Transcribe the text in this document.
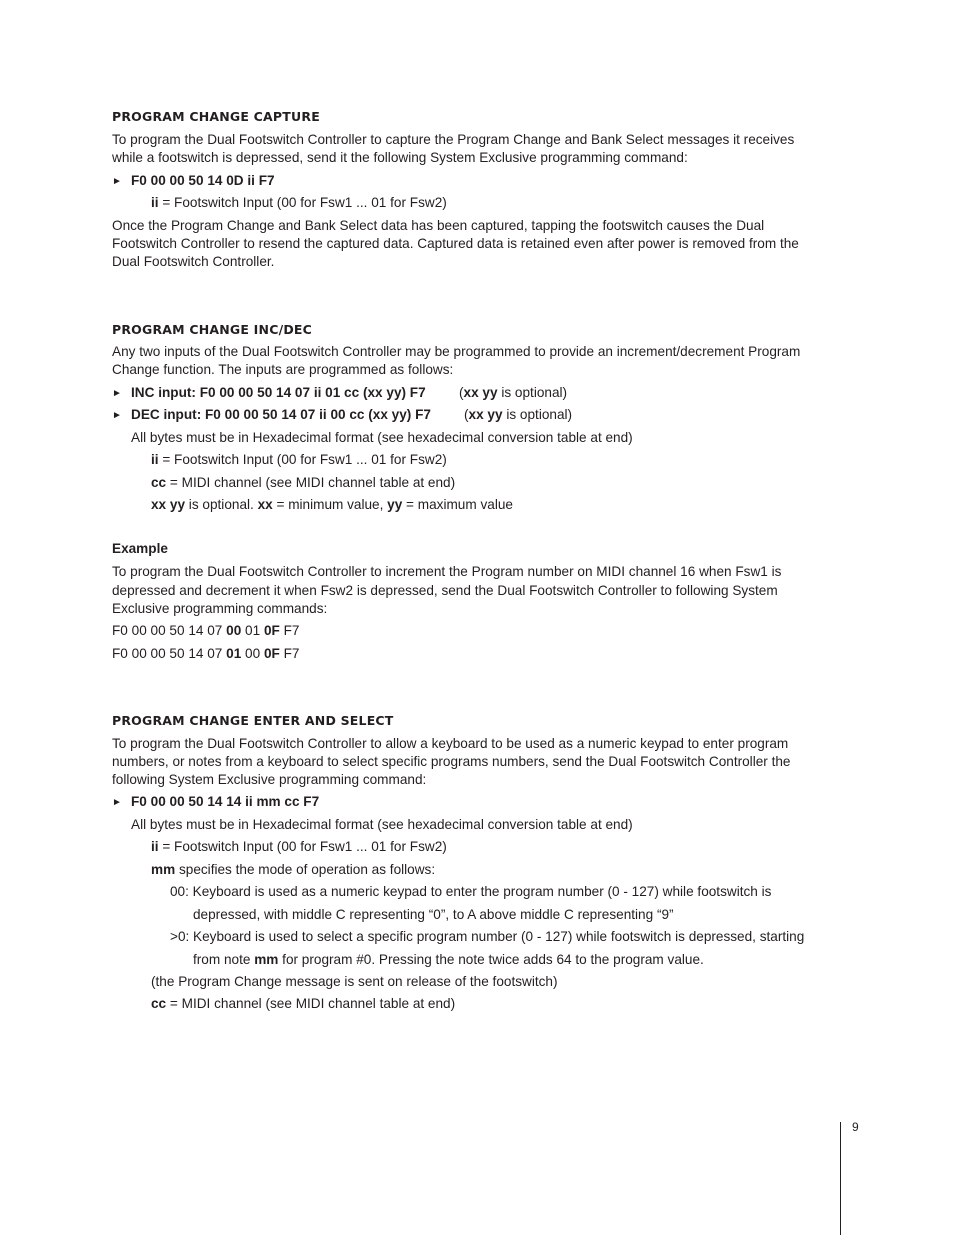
PROGRAM CHANGE CAPTURE
To program the Dual Footswitch Controller to capture the Program Change and Bank Select messages it receives
while a footswitch is depressed, send it the following System Exclusive programming command:
► F0 00 00 50 14 0D ii F7
ii = Footswitch Input (00 for Fsw1 ... 01 for Fsw2)
Once the Program Change and Bank Select data has been captured, tapping the footswitch causes the Dual
Footswitch Controller to resend the captured data. Captured data is retained even after power is removed from the
Dual Footswitch Controller.
PROGRAM CHANGE INC/DEC
Any two inputs of the Dual Footswitch Controller may be programmed to provide an increment/decrement Program
Change function. The inputs are programmed as follows:
► INC input: F0 00 00 50 14 07 ii 01 cc (xx yy) F7 (xx yy is optional)
► DEC input: F0 00 00 50 14 07 ii 00 cc (xx yy) F7 (xx yy is optional)
All bytes must be in Hexadecimal format (see hexadecimal conversion table at end)
ii = Footswitch Input (00 for Fsw1 ... 01 for Fsw2)
cc = MIDI channel (see MIDI channel table at end)
xx yy is optional. xx = minimum value, yy = maximum value
Example
To program the Dual Footswitch Controller to increment the Program number on MIDI channel 16 when Fsw1 is
depressed and decrement it when Fsw2 is depressed, send the Dual Footswitch Controller to following System
Exclusive programming commands:
F0 00 00 50 14 07 00 01 0F F7
F0 00 00 50 14 07 01 00 0F F7
PROGRAM CHANGE ENTER AND SELECT
To program the Dual Footswitch Controller to allow a keyboard to be used as a numeric keypad to enter program
numbers, or notes from a keyboard to select specific programs numbers, send the Dual Footswitch Controller the
following System Exclusive programming command:
► F0 00 00 50 14 14 ii mm cc F7
All bytes must be in Hexadecimal format (see hexadecimal conversion table at end)
ii = Footswitch Input (00 for Fsw1 ... 01 for Fsw2)
mm specifies the mode of operation as follows:
00: Keyboard is used as a numeric keypad to enter the program number (0 - 127) while footswitch is
depressed, with middle C representing “0”, to A above middle C representing “9”
>0: Keyboard is used to select a specific program number (0 - 127) while footswitch is depressed, starting
from note mm for program #0. Pressing the note twice adds 64 to the program value.
(the Program Change message is sent on release of the footswitch)
cc = MIDI channel (see MIDI channel table at end)
9
